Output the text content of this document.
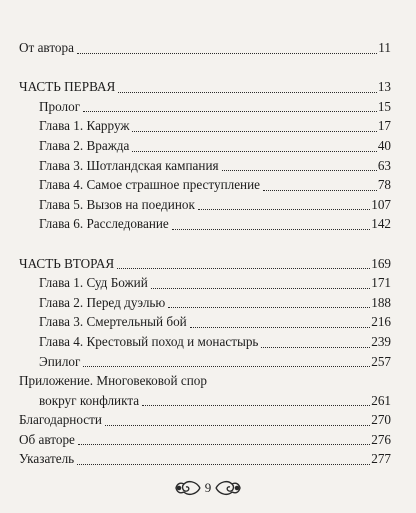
От автора	11
ЧАСТЬ ПЕРВАЯ	13
Пролог	15
Глава 1. Карруж	17
Глава 2. Вражда	40
Глава 3. Шотландская кампания	63
Глава 4. Самое страшное преступление	78
Глава 5. Вызов на поединок	107
Глава 6. Расследование	142
ЧАСТЬ ВТОРАЯ	169
Глава 1. Суд Божий	171
Глава 2. Перед дуэлью	188
Глава 3. Смертельный бой	216
Глава 4. Крестовый поход и монастырь	239
Эпилог	257
Приложение. Многовековой спор
вокруг конфликта	261
Благодарности	270
Об авторе	276
Указатель	277
9
